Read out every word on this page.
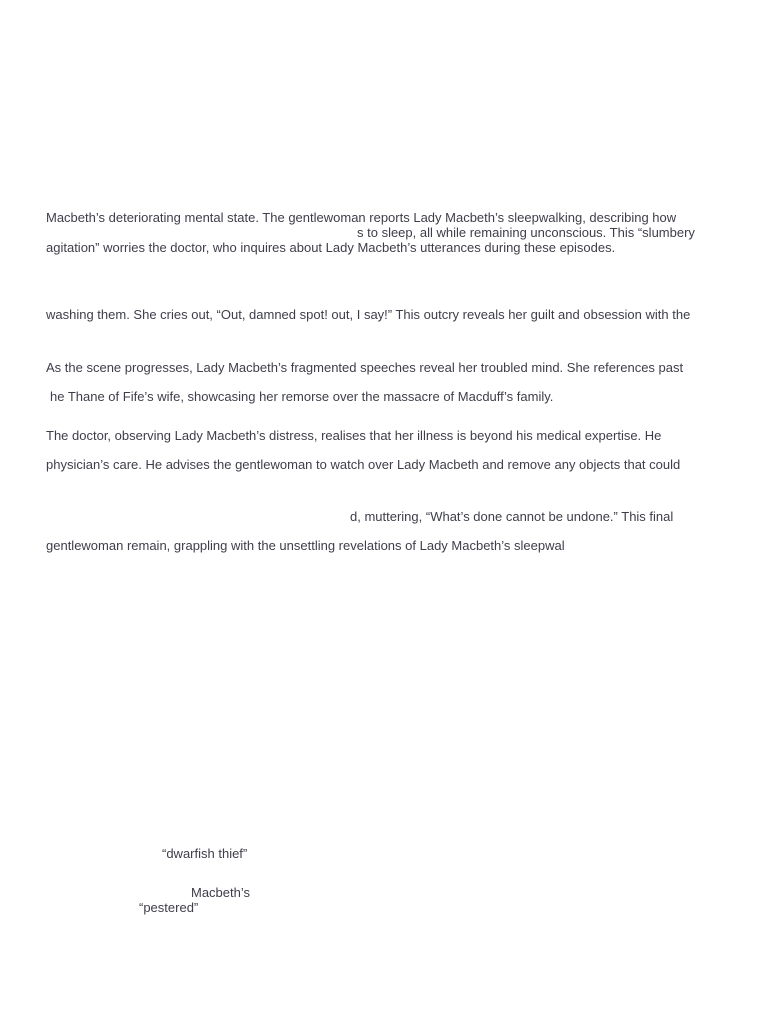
Macbeth’s deteriorating mental state. The gentlewoman reports Lady Macbeth’s sleepwalking, describing how

s to sleep, all while remaining unconscious. This “slumbery

agitation” worries the doctor, who inquires about Lady Macbeth’s utterances during these episodes.

washing them. She cries out, “Out, damned spot! out, I say!” This outcry reveals her guilt and obsession with the

As the scene progresses, Lady Macbeth’s fragmented speeches reveal her troubled mind. She references past

he Thane of Fife’s wife, showcasing her remorse over the massacre of Macduff’s family.

The doctor, observing Lady Macbeth’s distress, realises that her illness is beyond his medical expertise. He

physician’s care. He advises the gentlewoman to watch over Lady Macbeth and remove any objects that could

d, muttering, “What’s done cannot be undone.” This final

gentlewoman remain, grappling with the unsettling revelations of Lady Macbeth’s sleepwal

“dwarfish thief”

Macbeth’s

“pestered”
